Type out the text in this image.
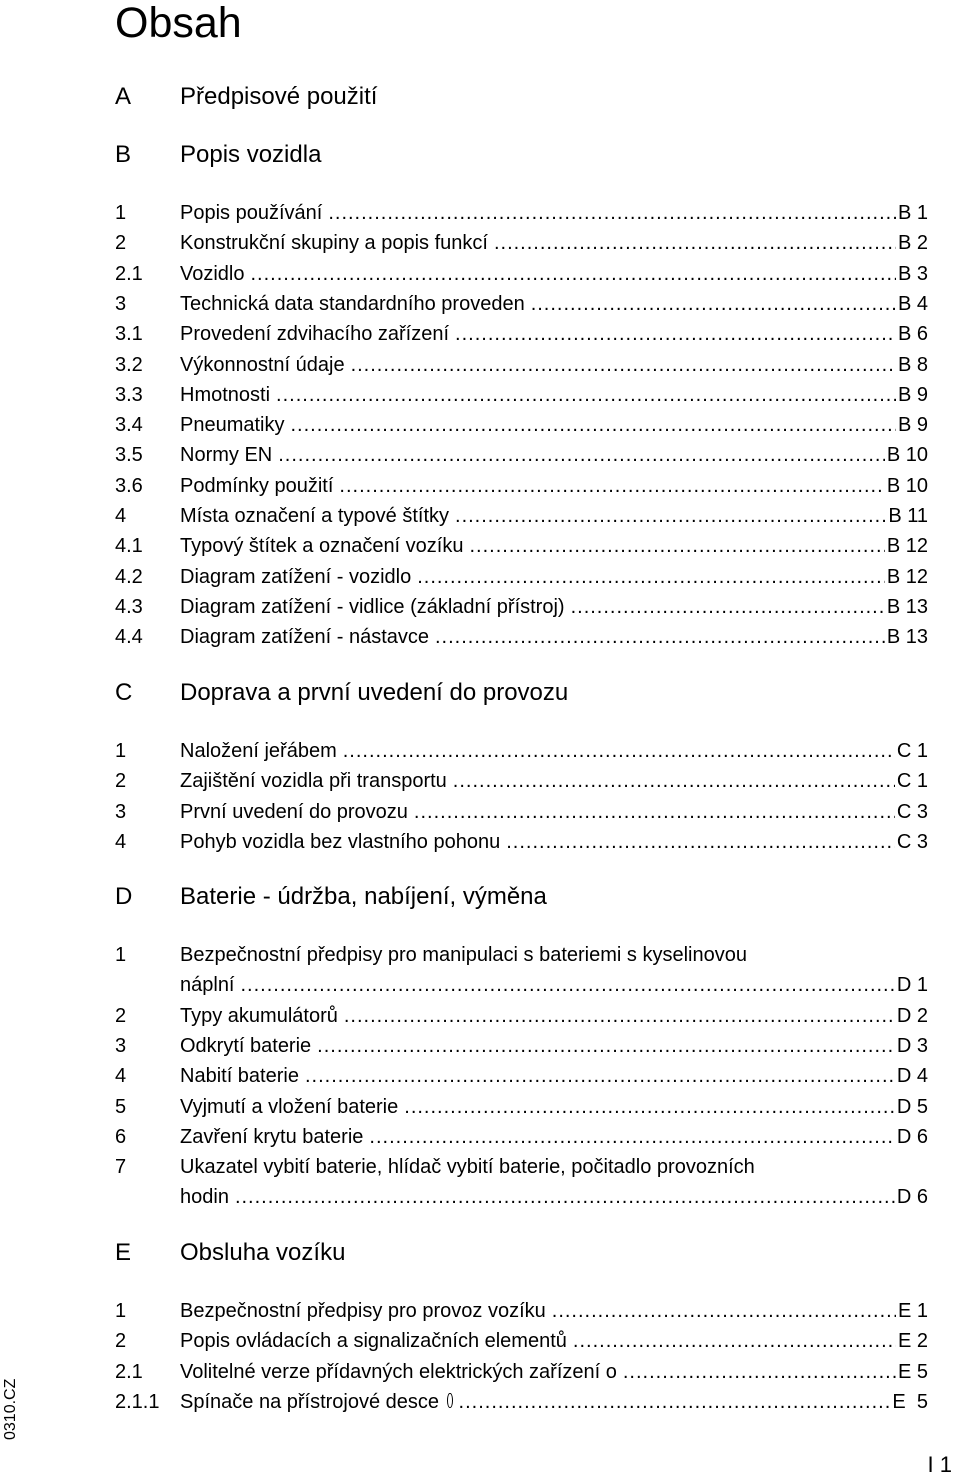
Obsah
A Předpisové použití
B Popis vozidla
1	Popis používání .....	B 1
2	Konstrukční skupiny a popis funkcí .....	B 2
2.1 Vozidlo .....	B 3
3	Technická data standardního proveden .....	B 4
3.1 Provedení zdvihacího zařízení .....	B 6
3.2 Výkonnostní údaje .....	B 8
3.3 Hmotnosti .....	B 9
3.4 Pneumatiky .....	B 9
3.5 Normy EN .....	B 10
3.6 Podmínky použití .....	B 10
4	Místa označení a typové štítky .....	B 11
4.1 Typový štítek a označení vozíku .....	B 12
4.2 Diagram zatížení - vozidlo .....	B 12
4.3 Diagram zatížení - vidlice (základní přístroj) .....	B 13
4.4 Diagram zatížení - nástavce .....	B 13
C Doprava a první uvedení do provozu
1	Naložení jeřábem .....	C 1
2	Zajištění vozidla při transportu .....	C 1
3	První uvedení do provozu .....	C 3
4	Pohyb vozidla bez vlastního pohonu .....	C 3
D Baterie - údržba, nabíjení, výměna
1	Bezpečnostní předpisy pro manipulaci s bateriemi s kyselinovou
náplní .....	D 1
2	Typy akumulátorů .....	D 2
3	Odkrytí baterie .....	D 3
4	Nabití baterie .....	D 4
5	Vyjmutí a vložení baterie .....	D 5
6	Zavření krytu baterie .....	D 6
7	Ukazatel vybití baterie, hlídač vybití baterie, počitadlo provozních
hodin .....	D 6
E Obsluha vozíku
1	Bezpečnostní předpisy pro provoz vozíku .....	E 1
2	Popis ovládacích a signalizačních elementů .....	E 2
2.1 Volitelné verze přídavných elektrických zařízení o .....	E 5
2.1.1 Spínače na přístrojové desce .....	E  5
0310.CZ
I 1
